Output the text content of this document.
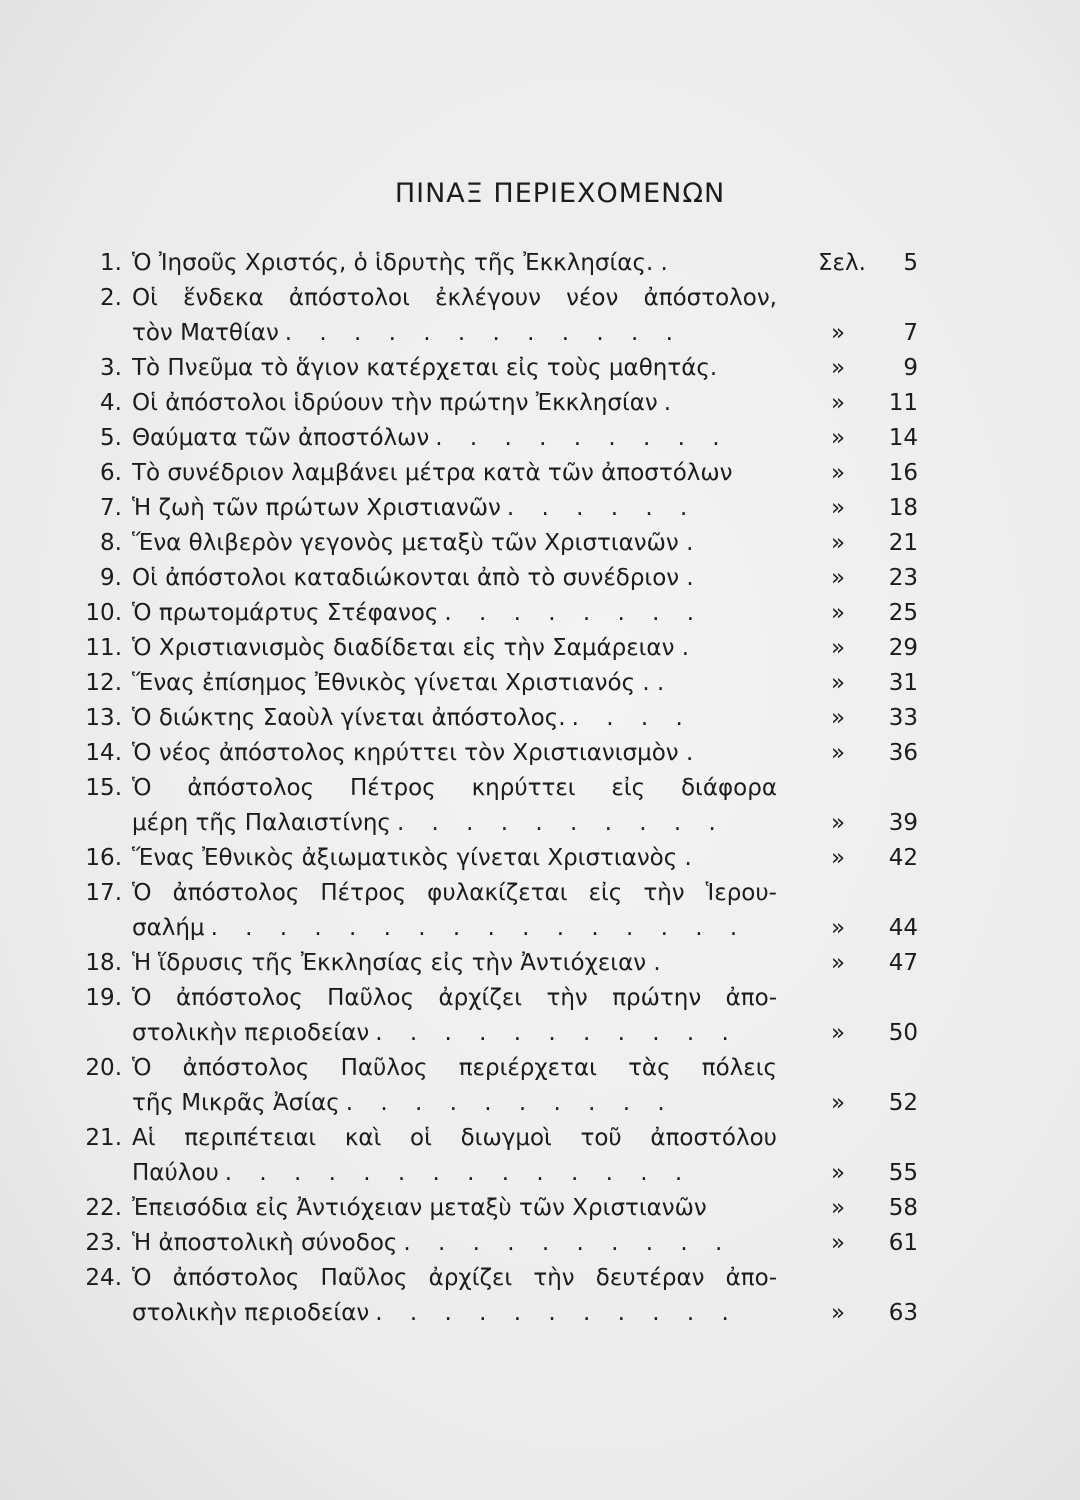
ΠΙΝΑΞ ΠΕΡΙΕΧΟΜΕΝΩΝ
1. Ὁ Ἰησοῦς Χριστός, ὁ ἱδρυτὴς τῆς Ἐκκλησίας. .	Σελ.	5
2. Οἱ ἕνδεκα ἀπόστολοι ἐκλέγουν νέον ἀπόστολον,
τὸν Ματθίαν . . . . . . . . . . . .	»	7
3. Τὸ Πνεῦμα τὸ ἅγιον κατέρχεται εἰς τοὺς μαθητάς.	»	9
4. Οἱ ἀπόστολοι ἱδρύουν τὴν πρώτην Ἐκκλησίαν .	»	11
5. Θαύματα τῶν ἀποστόλων . . . . . . . . .	»	14
6. Τὸ συνέδριον λαμβάνει μέτρα κατὰ τῶν ἀποστόλων	»	16
7. Ἡ ζωὴ τῶν πρώτων Χριστιανῶν . . . . . .	»	18
8. Ἕνα θλιβερὸν γεγονὸς μεταξὺ τῶν Χριστιανῶν .	»	21
9. Οἱ ἀπόστολοι καταδιώκονται ἀπὸ τὸ συνέδριον .	»	23
10. Ὁ πρωτομάρτυς Στέφανος . . . . . . . .	»	25
11. Ὁ Χριστιανισμὸς διαδίδεται εἰς τὴν Σαμάρειαν .	»	29
12. Ἕνας ἐπίσημος Ἐθνικὸς γίνεται Χριστιανός . .	»	31
13. Ὁ διώκτης Σαοὺλ γίνεται ἀπόστολος. . . . .	»	33
14. Ὁ νέος ἀπόστολος κηρύττει τὸν Χριστιανισμὸν .	»	36
15. Ὁ ἀπόστολος Πέτρος κηρύττει εἰς διάφορα
μέρη τῆς Παλαιστίνης . . . . . . . . . .	»	39
16. Ἕνας Ἐθνικὸς ἀξιωματικὸς γίνεται Χριστιανὸς .	»	42
17. Ὁ ἀπόστολος Πέτρος φυλακίζεται εἰς τὴν Ἱερου-
σαλήμ . . . . . . . . . . . . . . . .	»	44
18. Ἡ ἵδρυσις τῆς Ἐκκλησίας εἰς τὴν Ἀντιόχειαν .	»	47
19. Ὁ ἀπόστολος Παῦλος ἀρχίζει τὴν πρώτην ἀπο-
στολικὴν περιοδείαν . . . . . . . . . . .	»	50
20. Ὁ ἀπόστολος Παῦλος περιέρχεται τὰς πόλεις
τῆς Μικρᾶς Ἀσίας . . . . . . . . . .	»	52
21. Αἱ περιπέτειαι καὶ οἱ διωγμοὶ τοῦ ἀποστόλου
Παύλου . . . . . . . . . . . . . .	»	55
22. Ἐπεισόδια εἰς Ἀντιόχειαν μεταξὺ τῶν Χριστιανῶν	»	58
23. Ἡ ἀποστολικὴ σύνοδος . . . . . . . . . .	»	61
24. Ὁ ἀπόστολος Παῦλος ἀρχίζει τὴν δευτέραν ἀπο-
στολικὴν περιοδείαν . . . . . . . . . . .	»	63
